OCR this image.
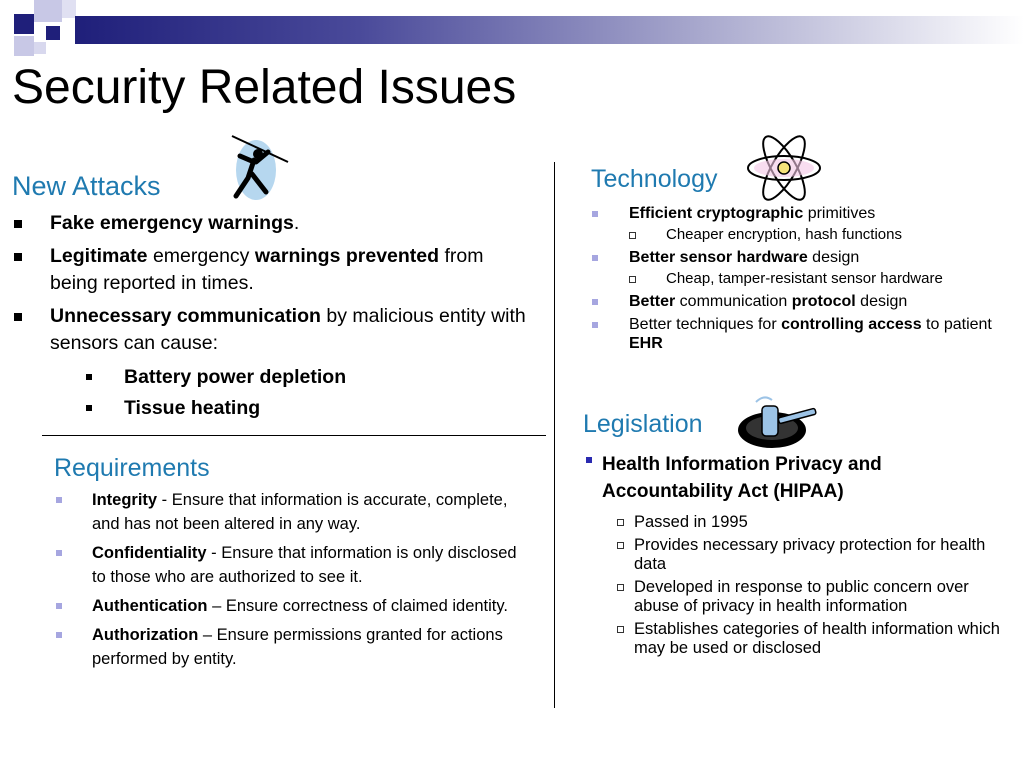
Security Related Issues
New Attacks
Fake emergency warnings.
Legitimate emergency warnings prevented from being reported in times.
Unnecessary communication by malicious entity with sensors can cause:
Battery power depletion
Tissue heating
Requirements
Integrity - Ensure that information is accurate, complete, and has not been altered in any way.
Confidentiality - Ensure that information is only disclosed to those who are authorized to see it.
Authentication – Ensure correctness of claimed identity.
Authorization – Ensure permissions granted for actions performed by entity.
Technology
Efficient cryptographic primitives
Cheaper encryption, hash functions
Better sensor hardware design
Cheap, tamper-resistant sensor hardware
Better communication protocol design
Better techniques for controlling access to patient EHR
Legislation
Health Information Privacy and Accountability Act (HIPAA)
Passed in 1995
Provides necessary privacy protection for health data
Developed in response to public concern over abuse of privacy in health information
Establishes categories of health information which may be used or disclosed
